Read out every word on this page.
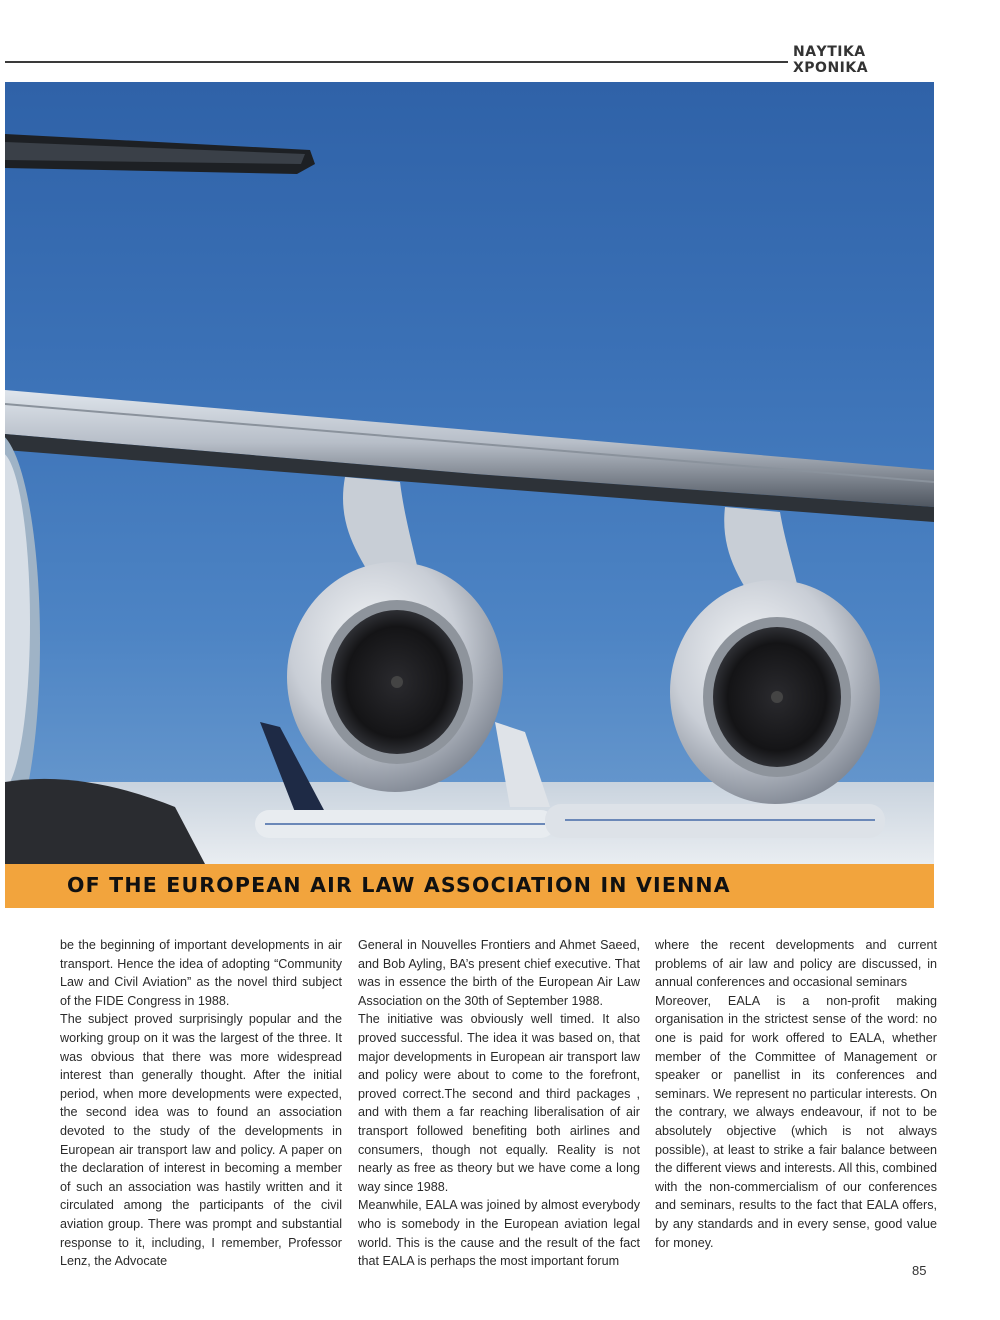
ΝΑΥΤΙΚΑ ΧΡΟΝΙΚΑ
OF THE EUROPEAN AIR LAW ASSOCIATION IN VIENNA

be the beginning of important developments in air transport. Hence the idea of adopting “Community Law and Civil Aviation” as the novel third subject of the FIDE Congress in 1988.

The subject proved surprisingly popular and the working group on it was the largest of the three. It was obvious that there was more widespread interest than generally thought. After the initial period, when more developments were expected, the second idea was to found an association devoted to the study of the developments in European air transport law and policy. A paper on the declaration of interest in becoming a member of such an association was hastily written and it circulated among the participants of the civil aviation group. There was prompt and substantial response to it, including, I remember, Professor Lenz, the Advocate

General in Nouvelles Frontiers and Ahmet Saeed, and Bob Ayling, BA’s present chief executive. That was in essence the birth of the European Air Law Association on the 30th of September 1988.

The initiative was obviously well timed. It also proved successful. The idea it was based on, that major developments in European air transport law and policy were about to come to the forefront, proved correct.The second and third packages , and with them a far reaching liberalisation of air transport followed benefiting both airlines and consumers, though not equally. Reality is not nearly as free as theory but we have come a long way since 1988.

Meanwhile, EALA was joined by almost everybody who is somebody in the European aviation legal world. This is the cause and the result of the fact that EALA is perhaps the most important forum

where the recent developments and current problems of air law and policy are discussed, in annual conferences and occasional seminars

Moreover, EALA is a non-profit making organisation in the strictest sense of the word: no one is paid for work offered to EALA, whether member of the Committee of Management or speaker or panellist in its conferences and seminars. We represent no particular interests. On the contrary, we always endeavour, if not to be absolutely objective (which is not always possible), at least to strike a fair balance between the different views and interests. All this, combined with the non-commercialism of our conferences and seminars, results to the fact that EALA offers, by any standards and in every sense, good value for money.

85
